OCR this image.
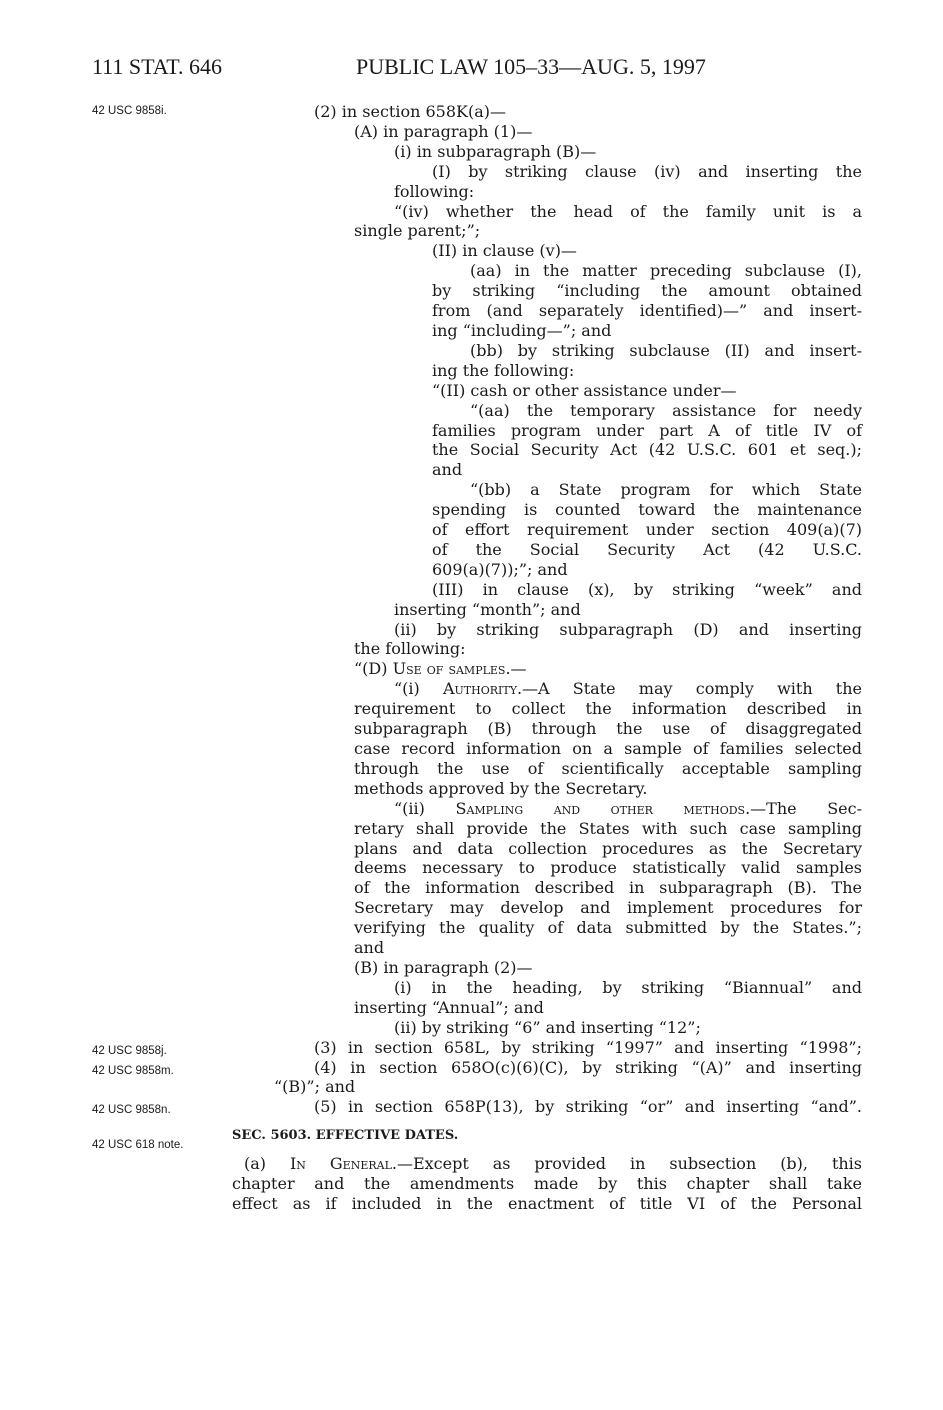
111 STAT. 646	PUBLIC LAW 105–33—AUG. 5, 1997
42 USC 9858i.
42 USC 9858j.
42 USC 9858m.
42 USC 9858n.
42 USC 618 note.

(2) in section 658K(a)—

(A) in paragraph (1)—

(i) in subparagraph (B)—

(I) by striking clause (iv) and inserting the

following:

“(iv) whether the head of the family unit is a

single parent;”;

(II) in clause (v)—

(aa) in the matter preceding subclause (I),

by striking “including the amount obtained

from (and separately identified)—” and insert-

ing “including—”; and

(bb) by striking subclause (II) and insert-

ing the following:

“(II) cash or other assistance under—

“(aa) the temporary assistance for needy

families program under part A of title IV of

the Social Security Act (42 U.S.C. 601 et seq.);

and

“(bb) a State program for which State

spending is counted toward the maintenance

of effort requirement under section 409(a)(7)

of the Social Security Act (42 U.S.C.

609(a)(7));”; and

(III) in clause (x), by striking “week” and

inserting “month”; and

(ii) by striking subparagraph (D) and inserting

the following:

“(D) Use of samples.—

“(i) Authority.—A State may comply with the

requirement to collect the information described in

subparagraph (B) through the use of disaggregated

case record information on a sample of families selected

through the use of scientifically acceptable sampling

methods approved by the Secretary.

“(ii) Sampling and other methods.—The Sec-

retary shall provide the States with such case sampling

plans and data collection procedures as the Secretary

deems necessary to produce statistically valid samples

of the information described in subparagraph (B). The

Secretary may develop and implement procedures for

verifying the quality of data submitted by the States.”;

and

(B) in paragraph (2)—

(i) in the heading, by striking “Biannual” and

inserting “Annual”; and

(ii) by striking “6” and inserting “12”;

(3) in section 658L, by striking “1997” and inserting “1998”;

(4) in section 658O(c)(6)(C), by striking “(A)” and inserting

“(B)”; and

(5) in section 658P(13), by striking “or” and inserting “and”.

SEC. 5603. EFFECTIVE DATES.

(a) In General.—Except as provided in subsection (b), this

chapter and the amendments made by this chapter shall take

effect as if included in the enactment of title VI of the Personal
